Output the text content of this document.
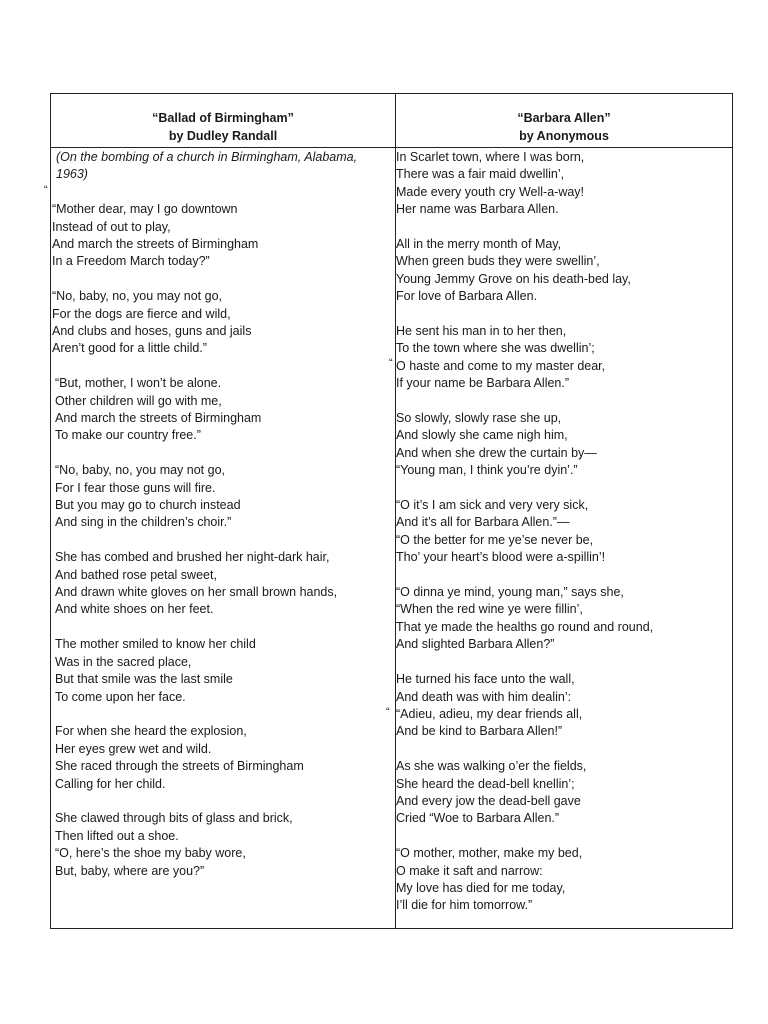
“Ballad of Birmingham”
by Dudley Randall
“Barbara Allen”
by Anonymous
(On the bombing of a church in Birmingham, Alabama, 1963)
“Mother dear, may I go downtown
Instead of out to play,
And march the streets of Birmingham
In a Freedom March today?”
“No, baby, no, you may not go,
For the dogs are fierce and wild,
And clubs and hoses, guns and jails
Aren’t good for a little child.”
“But, mother, I won’t be alone.
Other children will go with me,
And march the streets of Birmingham
To make our country free.”
“No, baby, no, you may not go,
For I fear those guns will fire.
But you may go to church instead
And sing in the children’s choir.”
She has combed and brushed her night-dark hair,
And bathed rose petal sweet,
And drawn white gloves on her small brown hands,
And white shoes on her feet.
The mother smiled to know her child
Was in the sacred place,
But that smile was the last smile
To come upon her face.
For when she heard the explosion,
Her eyes grew wet and wild.
She raced through the streets of Birmingham
Calling for her child.
She clawed through bits of glass and brick,
Then lifted out a shoe.
“O, here’s the shoe my baby wore,
But, baby, where are you?”
In Scarlet town, where I was born,
There was a fair maid dwellin’,
Made every youth cry Well-a-way!
Her name was Barbara Allen.
All in the merry month of May,
When green buds they were swellin’,
Young Jemmy Grove on his death-bed lay,
For love of Barbara Allen.
He sent his man in to her then,
To the town where she was dwellin’;
O haste and come to my master dear,
If your name be Barbara Allen.”
So slowly, slowly rase she up,
And slowly she came nigh him,
And when she drew the curtain by—
“Young man, I think you’re dyin’.”
“O it’s I am sick and very very sick,
And it’s all for Barbara Allen.”—
“O the better for me ye’se never be,
Tho’ your heart’s blood were a-spillin’!
“O dinna ye mind, young man,” says she,
“When the red wine ye were fillin’,
That ye made the healths go round and round,
And slighted Barbara Allen?”
He turned his face unto the wall,
And death was with him dealin’:
“Adieu, adieu, my dear friends all,
And be kind to Barbara Allen!”
As she was walking o’er the fields,
She heard the dead-bell knellin’;
And every jow the dead-bell gave
Cried “Woe to Barbara Allen.”
“O mother, mother, make my bed,
O make it saft and narrow:
My love has died for me today,
I’ll die for him tomorrow.”
“
“
“
